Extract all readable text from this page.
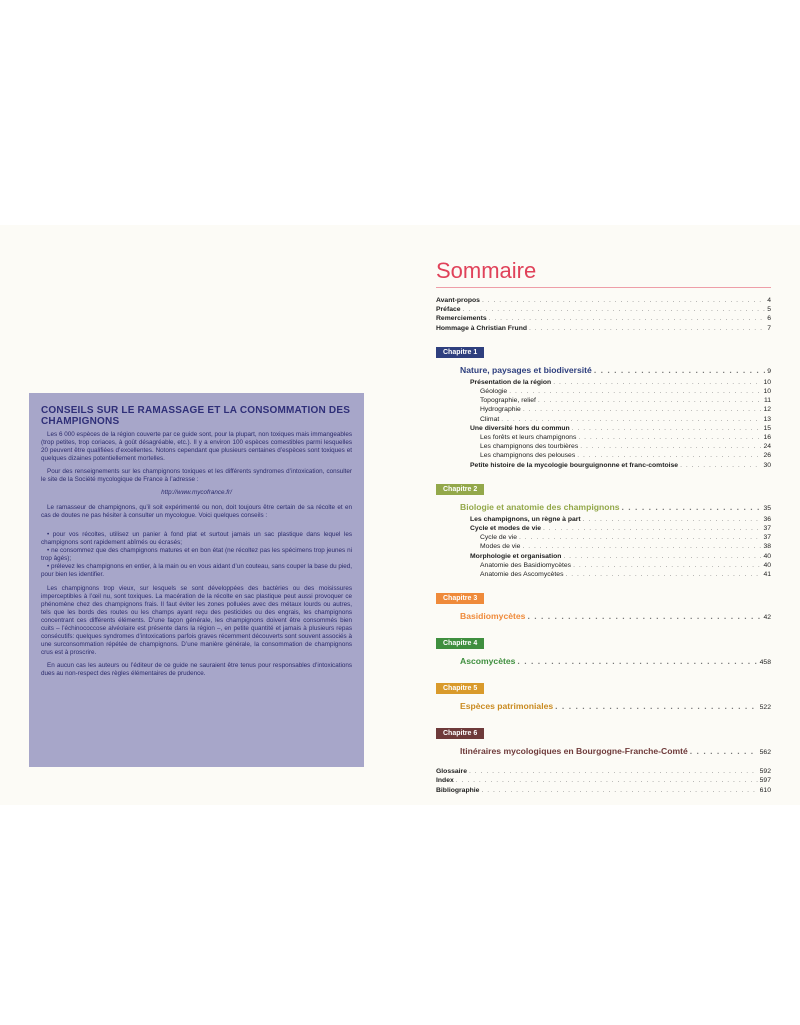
CONSEILS SUR LE RAMASSAGE ET LA CONSOMMATION DES CHAMPIGNONS

Les 6 000 espèces de la région couverte par ce guide sont, pour la plupart, non toxiques mais immangeables (trop petites, trop coriaces, à goût désagréable, etc.). Il y a environ 100 espèces comestibles parmi lesquelles 20 peuvent être qualifiées d’excellentes. Notons cependant que plusieurs centaines d’espèces sont toxiques et quelques dizaines potentiellement mortelles.

Pour des renseignements sur les champignons toxiques et les différents syndromes d’intoxication, consulter le site de la Société mycologique de France à l’adresse :

http://www.mycofrance.fr/

Le ramasseur de champignons, qu’il soit expérimenté ou non, doit toujours être certain de sa récolte et en cas de doutes ne pas hésiter à consulter un mycologue. Voici quelques conseils :

• pour vos récoltes, utilisez un panier à fond plat et surtout jamais un sac plastique dans lequel les champignons sont rapidement abîmés ou écrasés;

• ne consommez que des champignons matures et en bon état (ne récoltez pas les spécimens trop jeunes ni trop âgés);

• prélevez les champignons en entier, à la main ou en vous aidant d’un couteau, sans couper la base du pied, pour bien les identifier.

Les champignons trop vieux, sur lesquels se sont développées des bactéries ou des moisissures imperceptibles à l’œil nu, sont toxiques. La macération de la récolte en sac plastique peut aussi provoquer ce phénomène chez des champignons frais. Il faut éviter les zones polluées avec des métaux lourds ou autres, tels que les bords des routes ou les champs ayant reçu des pesticides ou des engrais, les champignons concentrant ces différents éléments. D’une façon générale, les champignons doivent être consommés bien cuits – l’échinococcose alvéolaire est présente dans la région –, en petite quantité et jamais à plusieurs repas consécutifs: quelques syndromes d’intoxications parfois graves récemment découverts sont souvent associés à une surconsommation répétée de champignons. D’une manière générale, la consommation de champignons crus est à proscrire.

En aucun cas les auteurs ou l’éditeur de ce guide ne sauraient être tenus pour responsables d’intoxications dues au non-respect des règles élémentaires de prudence.

Sommaire
Avant-propos . . .	4
Préface . . .	5
Remerciements . . .	6
Hommage à Christian Frund . . .	7
Chapitre 1
Nature, paysages et biodiversité . . .	9
Présentation de la région . . .	10
Géologie . . .	10
Topographie, relief . . .	11
Hydrographie . . .	12
Climat . . .	13
Une diversité hors du commun . . .	15
Les forêts et leurs champignons . . .	16
Les champignons des tourbières . . .	24
Les champignons des pelouses . . .	26
Petite histoire de la mycologie bourguignonne et franc-comtoise . . .	30
Chapitre 2
Biologie et anatomie des champignons . . .	35
Les champignons, un règne à part . . .	36
Cycle et modes de vie . . .	37
Cycle de vie . . .	37
Modes de vie . . .	38
Morphologie et organisation . . .	40
Anatomie des Basidiomycètes . . .	40
Anatomie des Ascomycètes . . .	41
Chapitre 3
Basidiomycètes . . .	42
Chapitre 4
Ascomycètes . . .	458
Chapitre 5
Espèces patrimoniales . . .	522
Chapitre 6
Itinéraires mycologiques en Bourgogne-Franche-Comté . . .	562
Glossaire . . .	592
Index . . .	597
Bibliographie . . .	610
